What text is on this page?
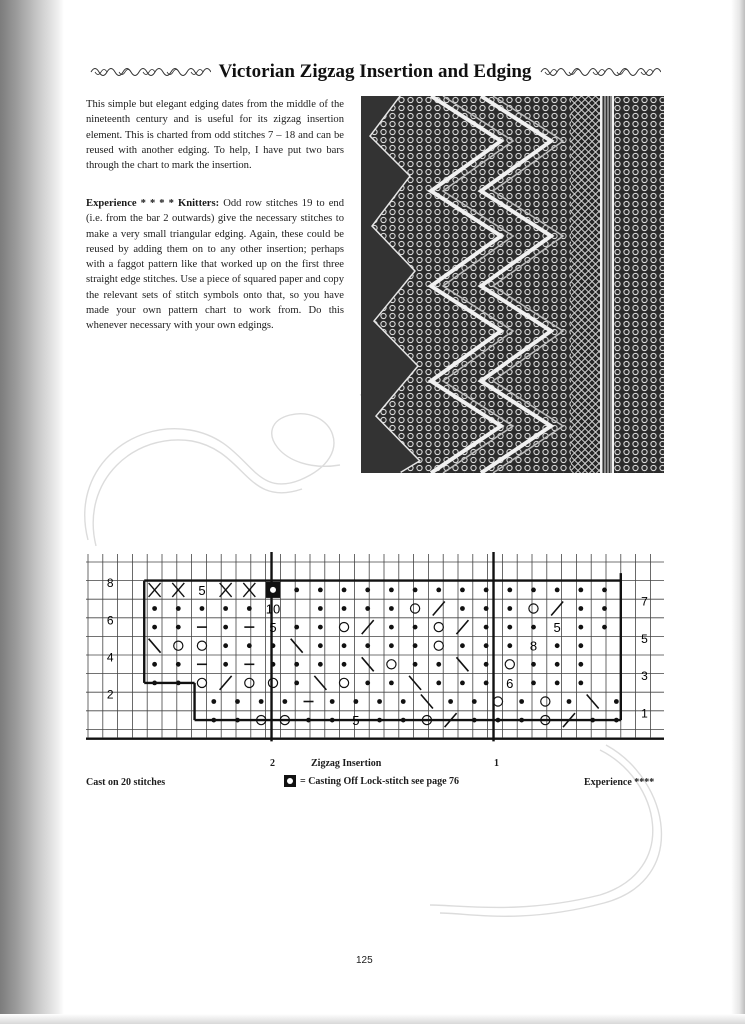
Victorian Zigzag Insertion and Edging

This simple but elegant edging dates from the middle of the nineteenth century and is useful for its zigzag insertion element. This is charted from odd stitches 7 – 18 and can be reused with another edging. To help, I have put two bars through the chart to mark the insertion.

Experience * * * * Knitters: Odd row stitches 19 to end (i.e. from the bar 2 outwards) give the necessary stitches to make a very small triangular edging. Again, these could be reused by adding them on to any other insertion; perhaps with a faggot pattern like that worked up on the first three straight edge stitches. Use a piece of squared paper and copy the relevant sets of stitch symbols onto that, so you have made your own pattern chart to work from. Do this whenever necessary with your own edgings.

5
10
5	5
8
6
5
8
6
4
2
7
5
3
1
2	Zigzag Insertion	1
Cast on 20 stitches	= Casting Off Lock-stitch see page 76	Experience ****
125
